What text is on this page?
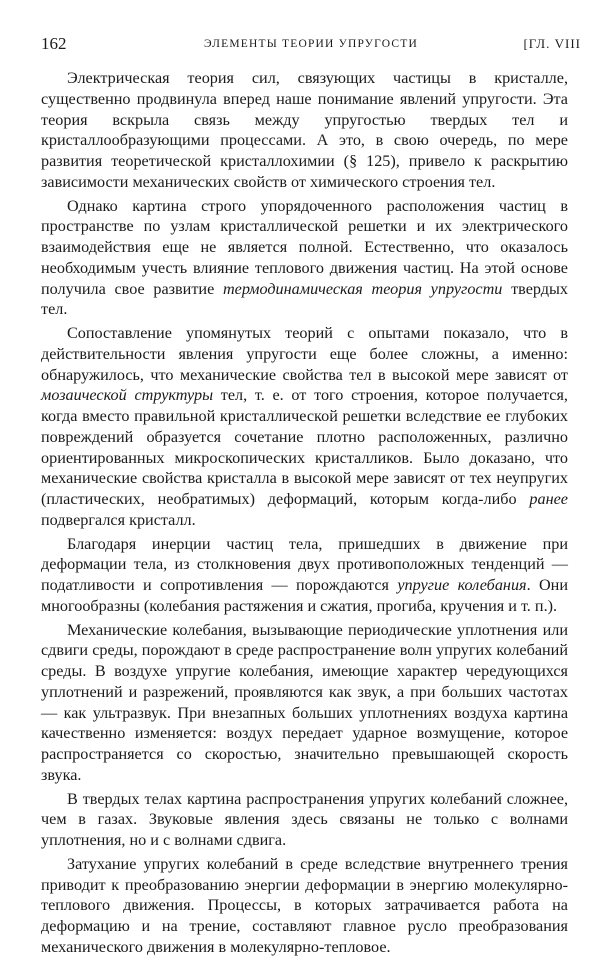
162	ЭЛЕМЕНТЫ ТЕОРИИ УПРУГОСТИ	[ГЛ. VIII

Электрическая теория сил, связующих частицы в кристалле, существенно продвинула вперед наше понимание явлений упругости. Эта теория вскрыла связь между упругостью твердых тел и кристаллообразующими процессами. А это, в свою очередь, по мере развития теоретической кристаллохимии (§ 125), привело к раскрытию зависимости механических свойств от химического строения тел.

Однако картина строго упорядоченного расположения частиц в пространстве по узлам кристаллической решетки и их электрического взаимодействия еще не является полной. Естественно, что оказалось необходимым учесть влияние теплового движения частиц. На этой основе получила свое развитие термодинамическая теория упругости твердых тел.

Сопоставление упомянутых теорий с опытами показало, что в действительности явления упругости еще более сложны, а именно: обнаружилось, что механические свойства тел в высокой мере зависят от мозаической структуры тел, т. е. от того строения, которое получается, когда вместо правильной кристаллической решетки вследствие ее глубоких повреждений образуется сочетание плотно расположенных, различно ориентированных микроскопических кристалликов. Было доказано, что механические свойства кристалла в высокой мере зависят от тех неупругих (пластических, необратимых) деформаций, которым когда-либо ранее подвергался кристалл.

Благодаря инерции частиц тела, пришедших в движение при деформации тела, из столкновения двух противоположных тенденций — податливости и сопротивления — порождаются упругие колебания. Они многообразны (колебания растяжения и сжатия, прогиба, кручения и т. п.).

Механические колебания, вызывающие периодические уплотнения или сдвиги среды, порождают в среде распространение волн упругих колебаний среды. В воздухе упругие колебания, имеющие характер чередующихся уплотнений и разрежений, проявляются как звук, а при больших частотах — как ультразвук. При внезапных больших уплотнениях воздуха картина качественно изменяется: воздух передает ударное возмущение, которое распространяется со скоростью, значительно превышающей скорость звука.

В твердых телах картина распространения упругих колебаний сложнее, чем в газах. Звуковые явления здесь связаны не только с волнами уплотнения, но и с волнами сдвига.

Затухание упругих колебаний в среде вследствие внутреннего трения приводит к преобразованию энергии деформации в энергию молекулярно-теплового движения. Процессы, в которых затрачивается работа на деформацию и на трение, составляют главное русло преобразования механического движения в молекулярно-тепловое.
